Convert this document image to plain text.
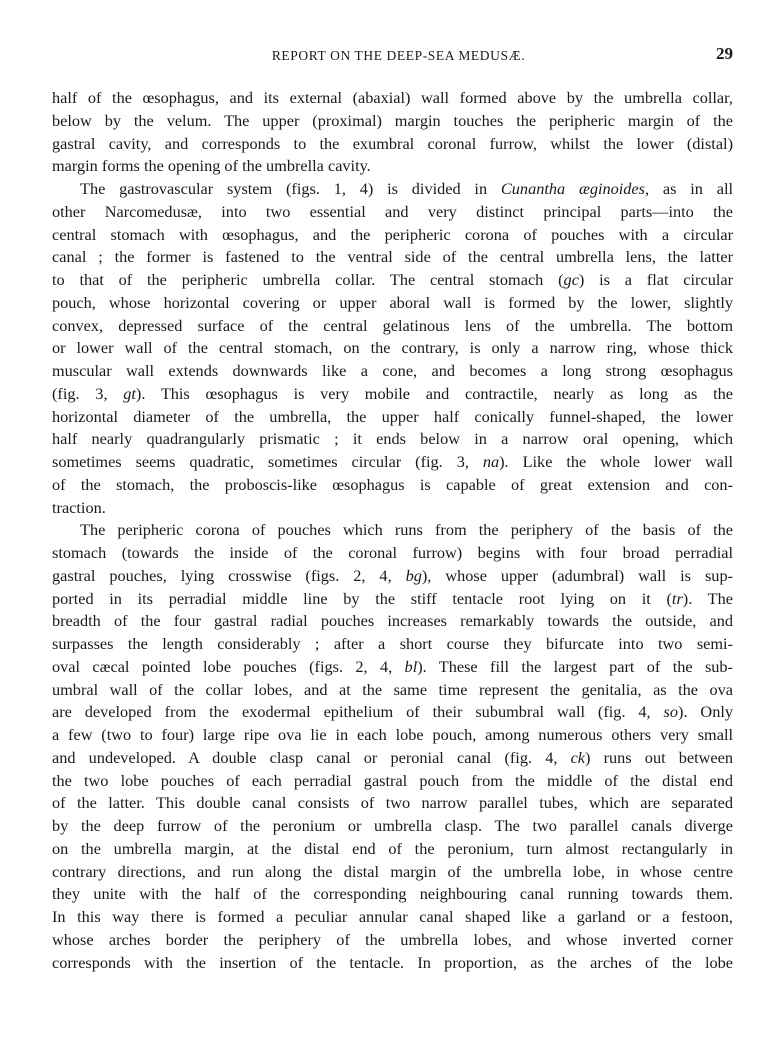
REPORT ON THE DEEP-SEA MEDUSÆ.	29

half of the œsophagus, and its external (abaxial) wall formed above by the umbrella collar,
below by the velum. The upper (proximal) margin touches the peripheric margin of the
gastral cavity, and corresponds to the exumbral coronal furrow, whilst the lower (distal)
margin forms the opening of the umbrella cavity.

The gastrovascular system (figs. 1, 4) is divided in Cunantha æginoides, as in all
other Narcomedusæ, into two essential and very distinct principal parts—into the
central stomach with œsophagus, and the peripheric corona of pouches with a circular
canal ; the former is fastened to the ventral side of the central umbrella lens, the latter
to that of the peripheric umbrella collar. The central stomach (gc) is a flat circular
pouch, whose horizontal covering or upper aboral wall is formed by the lower, slightly
convex, depressed surface of the central gelatinous lens of the umbrella. The bottom
or lower wall of the central stomach, on the contrary, is only a narrow ring, whose thick
muscular wall extends downwards like a cone, and becomes a long strong œsophagus
(fig. 3, gt). This œsophagus is very mobile and contractile, nearly as long as the
horizontal diameter of the umbrella, the upper half conically funnel-shaped, the lower
half nearly quadrangularly prismatic ; it ends below in a narrow oral opening, which
sometimes seems quadratic, sometimes circular (fig. 3, na). Like the whole lower wall
of the stomach, the proboscis-like œsophagus is capable of great extension and con-
traction.

The peripheric corona of pouches which runs from the periphery of the basis of the
stomach (towards the inside of the coronal furrow) begins with four broad perradial
gastral pouches, lying crosswise (figs. 2, 4, bg), whose upper (adumbral) wall is sup-
ported in its perradial middle line by the stiff tentacle root lying on it (tr). The
breadth of the four gastral radial pouches increases remarkably towards the outside, and
surpasses the length considerably ; after a short course they bifurcate into two semi-
oval cæcal pointed lobe pouches (figs. 2, 4, bl). These fill the largest part of the sub-
umbral wall of the collar lobes, and at the same time represent the genitalia, as the ova
are developed from the exodermal epithelium of their subumbral wall (fig. 4, so). Only
a few (two to four) large ripe ova lie in each lobe pouch, among numerous others very small
and undeveloped. A double clasp canal or peronial canal (fig. 4, ck) runs out between
the two lobe pouches of each perradial gastral pouch from the middle of the distal end
of the latter. This double canal consists of two narrow parallel tubes, which are separated
by the deep furrow of the peronium or umbrella clasp. The two parallel canals diverge
on the umbrella margin, at the distal end of the peronium, turn almost rectangularly in
contrary directions, and run along the distal margin of the umbrella lobe, in whose centre
they unite with the half of the corresponding neighbouring canal running towards them.
In this way there is formed a peculiar annular canal shaped like a garland or a festoon,
whose arches border the periphery of the umbrella lobes, and whose inverted corner
corresponds with the insertion of the tentacle. In proportion, as the arches of the lobe
